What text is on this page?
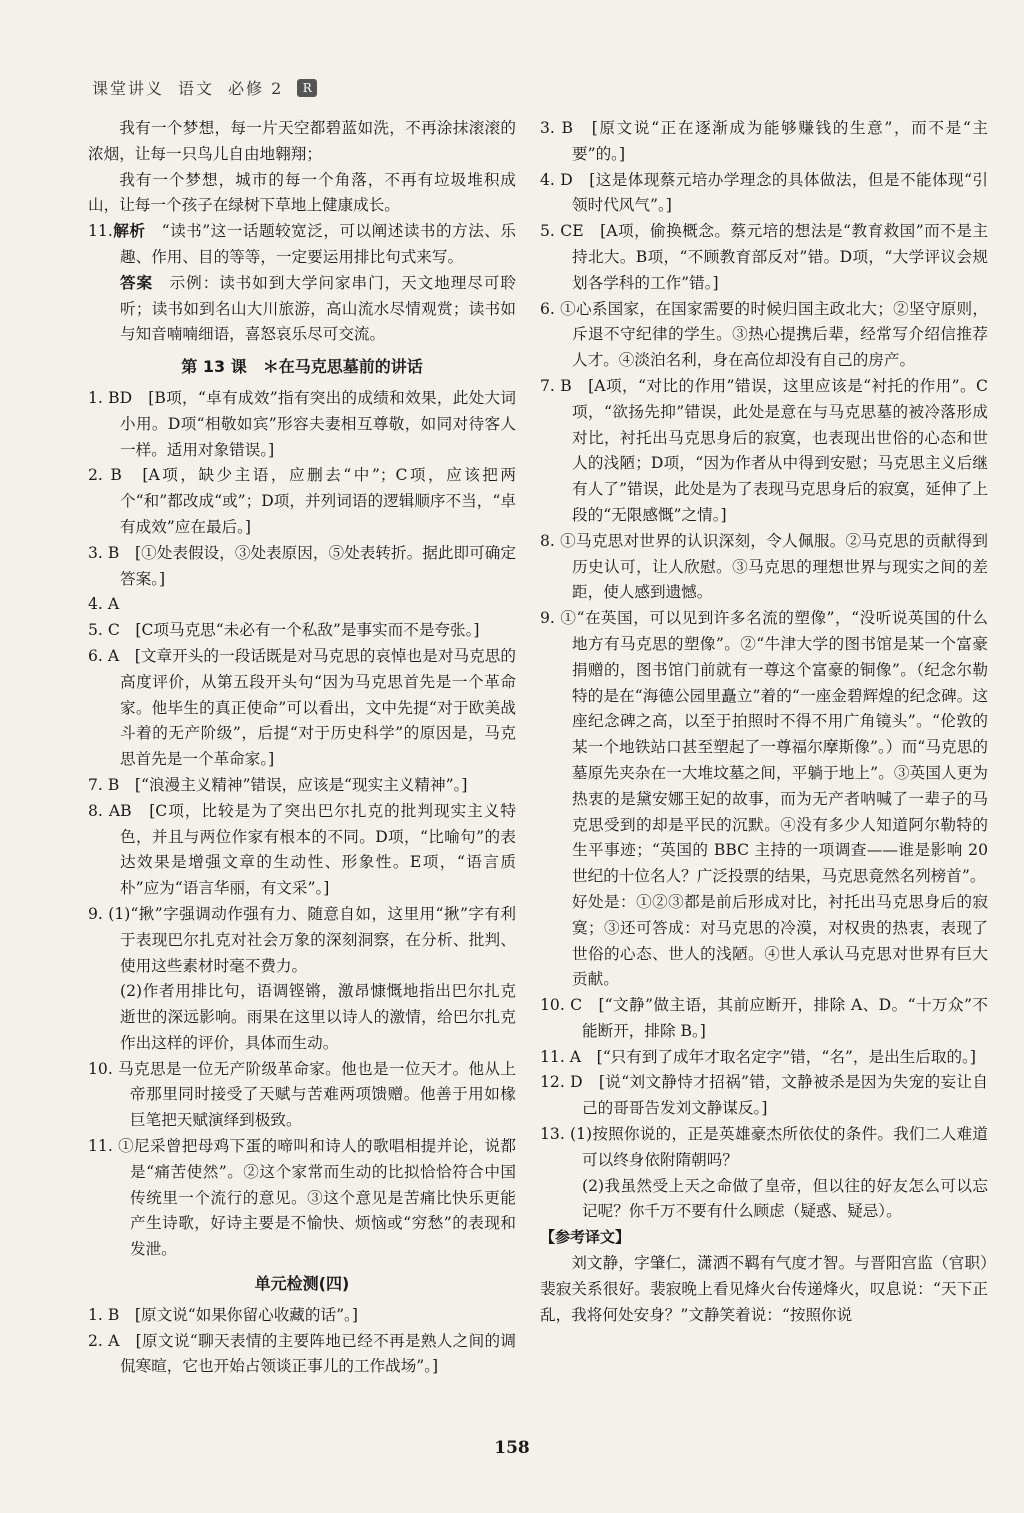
课堂讲义 语文 必修 2	R

我有一个梦想，每一片天空都碧蓝如洗，不再涂抹滚滚的浓烟，让每一只鸟儿自由地翱翔；

我有一个梦想，城市的每一个角落，不再有垃圾堆积成山，让每一个孩子在绿树下草地上健康成长。

11.解析　 “读书”这一话题较宽泛，可以阐述读书的方法、乐趣、作用、目的等等，一定要运用排比句式来写。

答案　 示例：读书如到大学问家串门，天文地理尽可聆听；读书如到名山大川旅游，高山流水尽情观赏；读书如与知音喃喃细语，喜怒哀乐尽可交流。

第 13 课　＊在马克思墓前的讲话

1. BD　[B项，“卓有成效”指有突出的成绩和效果，此处大词小用。D项“相敬如宾”形容夫妻相互尊敬，如同对待客人一样。适用对象错误。]

2. B　[A项，缺少主语，应删去“中”；C项，应该把两个“和”都改成“或”；D项，并列词语的逻辑顺序不当，“卓有成效”应在最后。]

3. B　[①处表假设，③处表原因，⑤处表转折。据此即可确定答案。]

4. A

5. C　[C项马克思“未必有一个私敌”是事实而不是夸张。]

6. A　[文章开头的一段话既是对马克思的哀悼也是对马克思的高度评价，从第五段开头句“因为马克思首先是一个革命家。他毕生的真正使命”可以看出，文中先提“对于欧美战斗着的无产阶级”，后提“对于历史科学”的原因是，马克思首先是一个革命家。]

7. B　[“浪漫主义精神”错误，应该是“现实主义精神”。]

8. AB　[C项，比较是为了突出巴尔扎克的批判现实主义特色，并且与两位作家有根本的不同。D项，“比喻句”的表达效果是增强文章的生动性、形象性。E项，“语言质朴”应为“语言华丽，有文采”。]

9. (1)“揪”字强调动作强有力、随意自如，这里用“揪”字有利于表现巴尔扎克对社会万象的深刻洞察，在分析、批判、使用这些素材时毫不费力。

(2)作者用排比句，语调铿锵，激昂慷慨地指出巴尔扎克逝世的深远影响。雨果在这里以诗人的激情，给巴尔扎克作出这样的评价，具体而生动。

10. 马克思是一位无产阶级革命家。他也是一位天才。他从上帝那里同时接受了天赋与苦难两项馈赠。他善于用如椽巨笔把天赋演绎到极致。

11. ①尼采曾把母鸡下蛋的啼叫和诗人的歌唱相提并论，说都是“痛苦使然”。②这个家常而生动的比拟恰恰符合中国传统里一个流行的意见。③这个意见是苦痛比快乐更能产生诗歌，好诗主要是不愉快、烦恼或“穷愁”的表现和发泄。

单元检测(四)

1. B　[原文说“如果你留心收藏的话”。]

2. A　[原文说“聊天表情的主要阵地已经不再是熟人之间的调侃寒暄，它也开始占领谈正事儿的工作战场”。]

3. B　[原文说“正在逐渐成为能够赚钱的生意”，而不是“主要”的。]

4. D　[这是体现蔡元培办学理念的具体做法，但是不能体现“引领时代风气”。]

5. CE　[A项，偷换概念。蔡元培的想法是“教育救国”而不是主持北大。B项，“不顾教育部反对”错。D项，“大学评议会规划各学科的工作”错。]

6. ①心系国家，在国家需要的时候归国主政北大；②坚守原则，斥退不守纪律的学生。③热心提携后辈，经常写介绍信推荐人才。④淡泊名利，身在高位却没有自己的房产。

7. B　[A项，“对比的作用”错误，这里应该是“衬托的作用”。C项，“欲扬先抑”错误，此处是意在与马克思墓的被冷落形成对比，衬托出马克思身后的寂寞，也表现出世俗的心态和世人的浅陋；D项，“因为作者从中得到安慰；马克思主义后继有人了”错误，此处是为了表现马克思身后的寂寞，延伸了上段的“无限感慨”之情。]

8. ①马克思对世界的认识深刻，令人佩服。②马克思的贡献得到历史认可，让人欣慰。③马克思的理想世界与现实之间的差距，使人感到遗憾。

9. ①“在英国，可以见到许多名流的塑像”，“没听说英国的什么地方有马克思的塑像”。②“牛津大学的图书馆是某一个富豪捐赠的，图书馆门前就有一尊这个富豪的铜像”。（纪念尔勒特的是在“海德公园里矗立”着的“一座金碧辉煌的纪念碑。这座纪念碑之高，以至于拍照时不得不用广角镜头”。“伦敦的某一个地铁站口甚至塑起了一尊福尔摩斯像”。）而“马克思的墓原先夹杂在一大堆坟墓之间，平躺于地上”。③英国人更为热衷的是黛安娜王妃的故事，而为无产者呐喊了一辈子的马克思受到的却是平民的沉默。④没有多少人知道阿尔勒特的生平事迹；“英国的 BBC 主持的一项调查——谁是影响 20 世纪的十位名人？广泛投票的结果，马克思竟然名列榜首”。

好处是：①②③都是前后形成对比，衬托出马克思身后的寂寞；③还可答成：对马克思的冷漠，对权贵的热衷，表现了世俗的心态、世人的浅陋。④世人承认马克思对世界有巨大贡献。

10. C　[“文静”做主语，其前应断开，排除 A、D。“十万众”不能断开，排除 B。]

11. A　[“只有到了成年才取名定字”错，“名”，是出生后取的。]

12. D　[说“刘文静恃才招祸”错，文静被杀是因为失宠的妄让自己的哥哥告发刘文静谋反。]

13. (1)按照你说的，正是英雄豪杰所依仗的条件。我们二人难道可以终身依附隋朝吗？

(2)我虽然受上天之命做了皇帝，但以往的好友怎么可以忘记呢？你千万不要有什么顾虑（疑惑、疑忌）。

【参考译文】

刘文静，字肇仁，潇洒不羁有气度才智。与晋阳宫监（官职）裴寂关系很好。裴寂晚上看见烽火台传递烽火，叹息说：“天下正乱，我将何处安身？”文静笑着说：“按照你说

158
